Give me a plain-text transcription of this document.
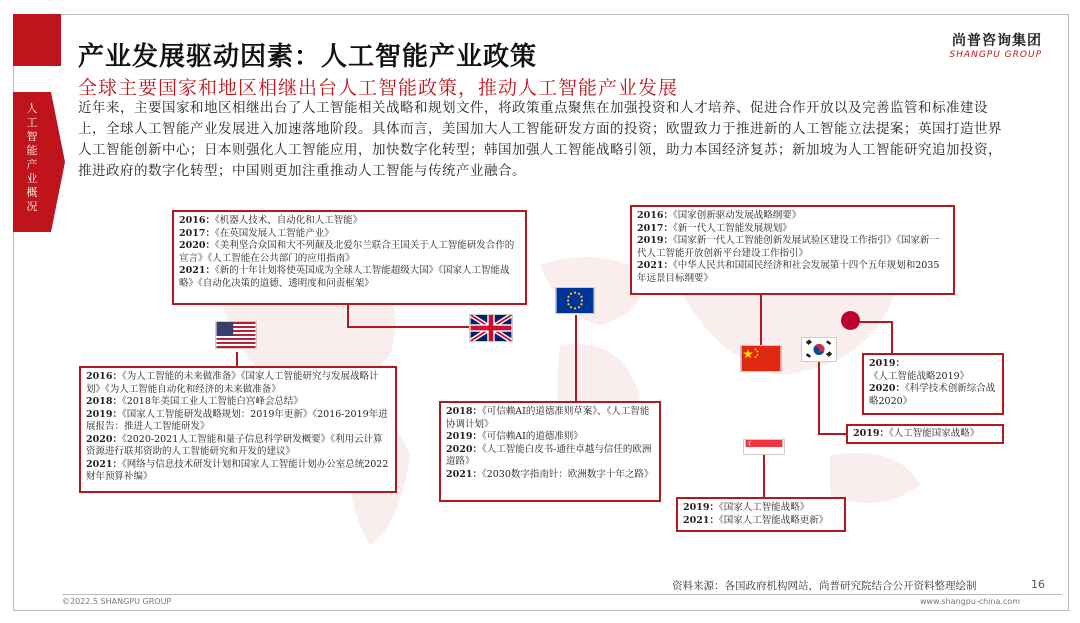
人工智能产业概况
产业发展驱动因素：人工智能产业政策
全球主要国家和地区相继出台人工智能政策，推动人工智能产业发展
尚普咨询集团
SHANGPU GROUP
近年来，主要国家和地区相继出台了人工智能相关战略和规划文件，将政策重点聚焦在加强投资和人才培养、促进合作开放以及完善监管和标准建设上，全球人工智能产业发展进入加速落地阶段。具体而言，美国加大人工智能研发方面的投资；欧盟致力于推进新的人工智能立法提案；英国打造世界人工智能创新中心；日本则强化人工智能应用，加快数字化转型；韩国加强人工智能战略引领，助力本国经济复苏；新加坡为人工智能研究追加投资，推进政府的数字化转型；中国则更加注重推动人工智能与传统产业融合。
2016：《机器人技术、自动化和人工智能》
2017：《在英国发展人工智能产业》
2020：《美利坚合众国和大不列颠及北爱尔兰联合王国关于人工智能研发合作的宣言》《人工智能在公共部门的应用指南》
2021：《新的十年计划将使英国成为全球人工智能超级大国》《国家人工智能战略》《自动化决策的道德、透明度和问责框架》
2016：《为人工智能的未来做准备》《国家人工智能研究与发展战略计划》《为人工智能自动化和经济的未来做准备》
2018：《2018年美国工业人工智能白宫峰会总结》
2019：《国家人工智能研发战略规划：2019年更新》《2016-2019年进展报告：推进人工智能研发》
2020：《2020-2021人工智能和量子信息科学研发概要》《利用云计算资源进行联邦资助的人工智能研究和开发的建议》
2021：《网络与信息技术研发计划和国家人工智能计划办公室总统2022财年预算补编》
2018：《可信赖AI的道德准则草案》、《人工智能协调计划》
2019：《可信赖AI的道德准则》
2020：《人工智能白皮书-通往卓越与信任的欧洲道路》
2021：《2030数字指南针：欧洲数字十年之路》
2016：《国家创新驱动发展战略纲要》
2017：《新一代人工智能发展规划》
2019：《国家新一代人工智能创新发展试验区建设工作指引》《国家新一代人工智能开放创新平台建设工作指引》
2021：《中华人民共和国国民经济和社会发展第十四个五年规划和2035年远景目标纲要》
2019：《人工智能战略2019》
2020：《科学技术创新综合战略2020》
2019：《人工智能国家战略》
2019：《国家人工智能战略》
2021：《国家人工智能战略更新》
资料来源：各国政府机构网站，尚普研究院结合公开资料整理绘制	16
©2022.5 SHANGPU GROUP	www.shangpu-china.com
